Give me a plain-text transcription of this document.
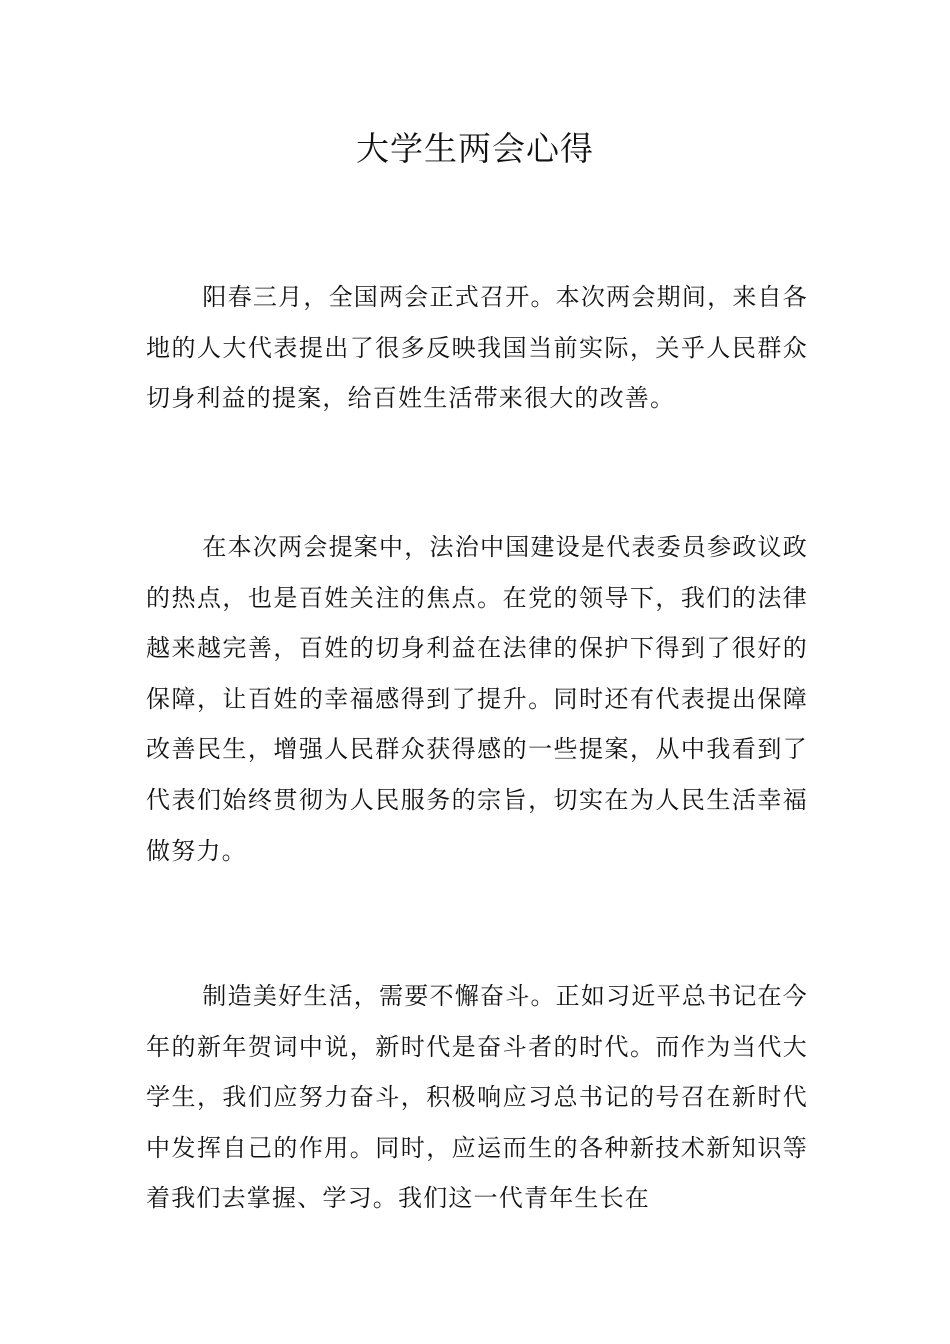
大学生两会心得

阳春三月，全国两会正式召开。本次两会期间，来自各地的人大代表提出了很多反映我国当前实际，关乎人民群众切身利益的提案，给百姓生活带来很大的改善。

在本次两会提案中，法治中国建设是代表委员参政议政的热点，也是百姓关注的焦点。在党的领导下，我们的法律越来越完善，百姓的切身利益在法律的保护下得到了很好的保障，让百姓的幸福感得到了提升。同时还有代表提出保障改善民生，增强人民群众获得感的一些提案，从中我看到了代表们始终贯彻为人民服务的宗旨，切实在为人民生活幸福做努力。

制造美好生活，需要不懈奋斗。正如习近平总书记在今年的新年贺词中说，新时代是奋斗者的时代。而作为当代大学生，我们应努力奋斗，积极响应习总书记的号召在新时代中发挥自己的作用。同时，应运而生的各种新技术新知识等着我们去掌握、学习。我们这一代青年生长在
